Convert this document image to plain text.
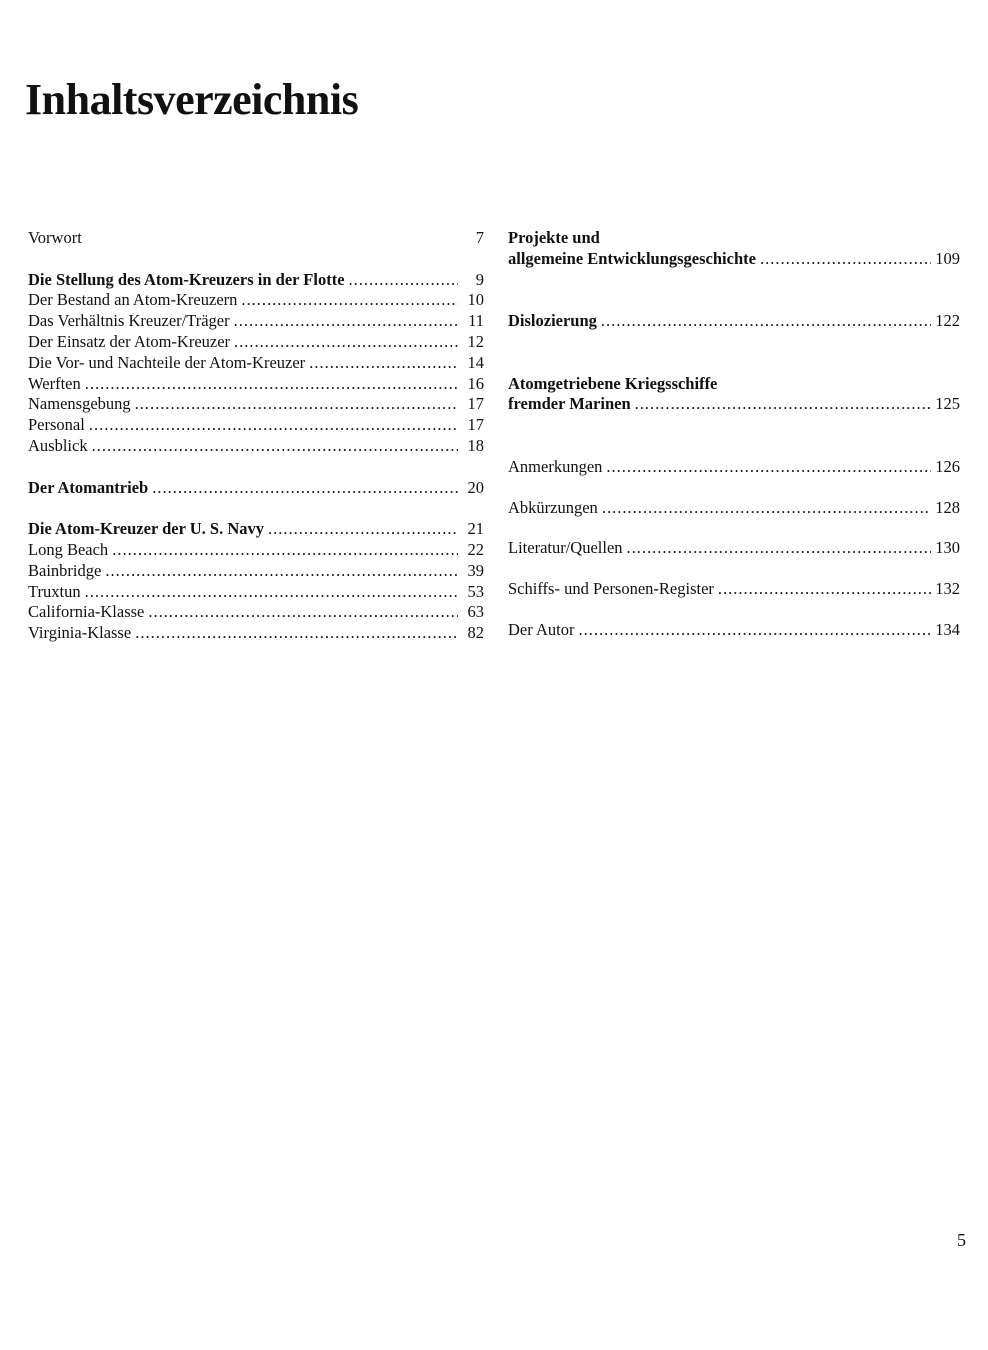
Inhaltsverzeichnis
Vorwort	7
Die Stellung des Atom-Kreuzers in der Flotte .....	9
Der Bestand an Atom-Kreuzern .....	10
Das Verhältnis Kreuzer/Träger .....	11
Der Einsatz der Atom-Kreuzer .....	12
Die Vor- und Nachteile der Atom-Kreuzer .....	14
Werften .....	16
Namensgebung .....	17
Personal .....	17
Ausblick .....	18
Der Atomantrieb .....	20
Die Atom-Kreuzer der U. S. Navy .....	21
Long Beach .....	22
Bainbridge .....	39
Truxtun .....	53
California-Klasse .....	63
Virginia-Klasse .....	82
Projekte und
allgemeine Entwicklungsgeschichte .....	109
Dislozierung .....	122
Atomgetriebene Kriegsschiffe
fremder Marinen .....	125
Anmerkungen .....	126
Abkürzungen .....	128
Literatur/Quellen .....	130
Schiffs- und Personen-Register .....	132
Der Autor .....	134
5
